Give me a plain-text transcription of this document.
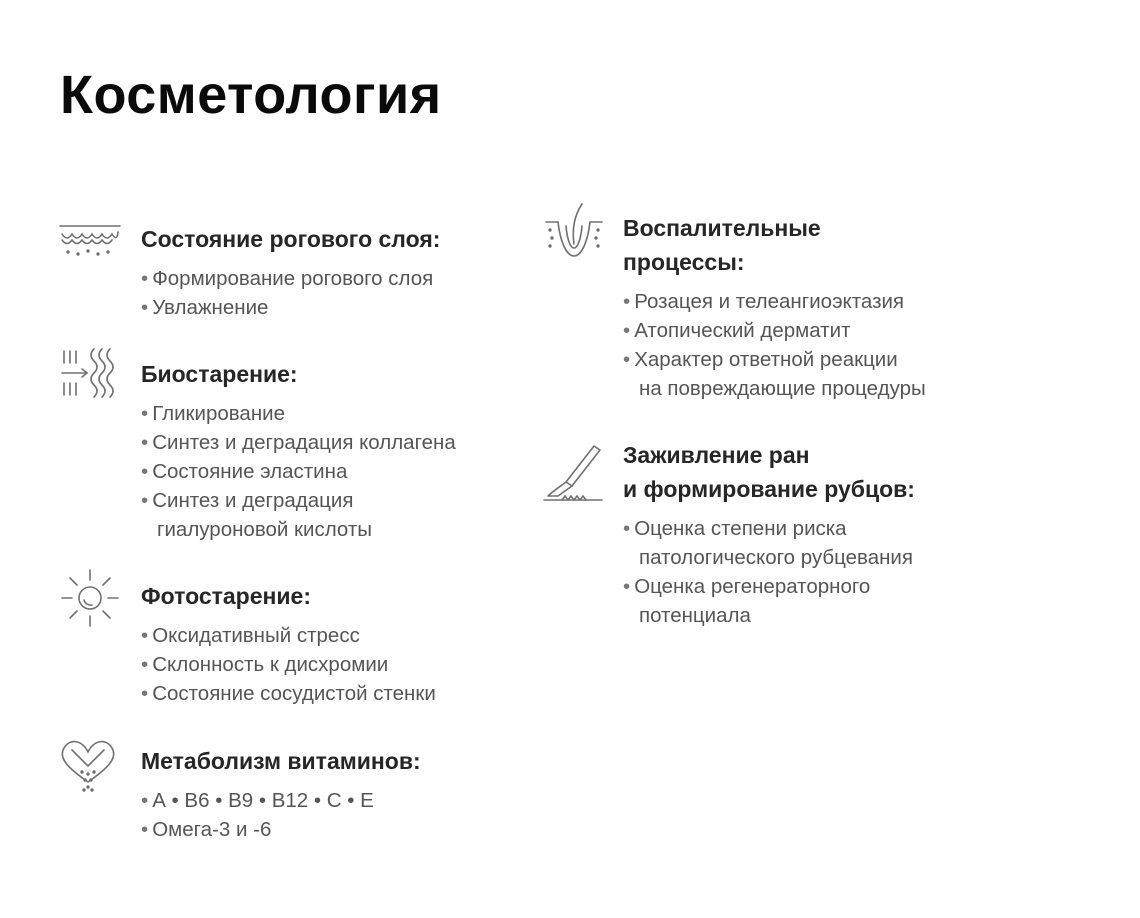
Косметология
Состояние рогового слоя:
• Формирование рогового слоя
• Увлажнение
Биостарение:
• Гликирование
• Синтез и деградация коллагена
• Состояние эластина
• Синтез и деградация
гиалуроновой кислоты
Фотостарение:
• Оксидативный стресс
• Склонность к дисхромии
• Состояние сосудистой стенки
Метаболизм витаминов:
• А • В6 • В9 • В12 • С • Е
• Омега-3 и -6
Воспалительные
процессы:
• Розацея и телеангиоэктазия
• Атопический дерматит
• Характер ответной реакции
на повреждающие процедуры
Заживление ран
и формирование рубцов:
• Оценка степени риска
патологического рубцевания
• Оценка регенераторного
потенциала
